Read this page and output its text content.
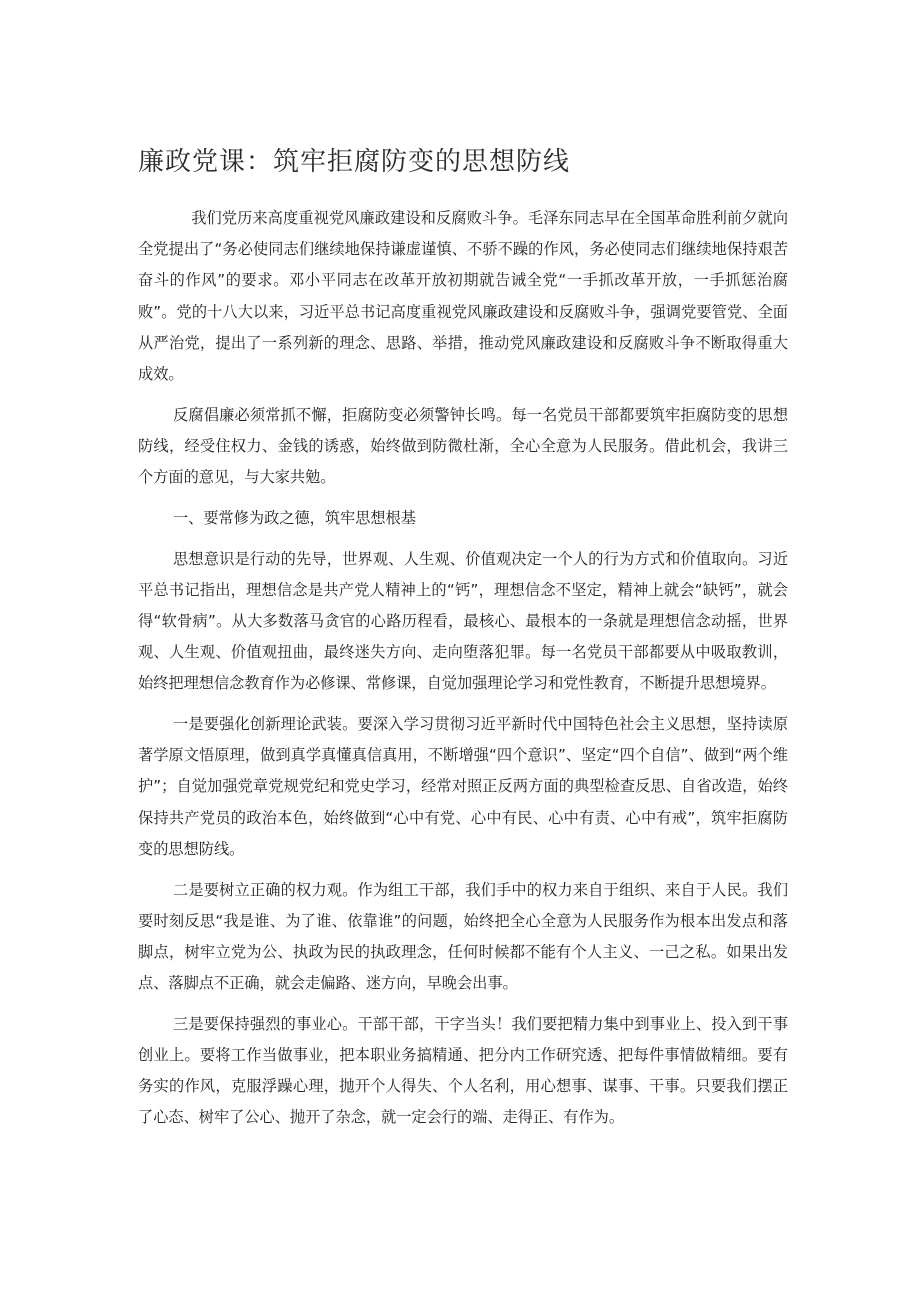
廉政党课：筑牢拒腐防变的思想防线

我们党历来高度重视党风廉政建设和反腐败斗争。毛泽东同志早在全国革命胜利前夕就向全党提出了“务必使同志们继续地保持谦虚谨慎、不骄不躁的作风，务必使同志们继续地保持艰苦奋斗的作风”的要求。邓小平同志在改革开放初期就告诫全党“一手抓改革开放，一手抓惩治腐败”。党的十八大以来，习近平总书记高度重视党风廉政建设和反腐败斗争，强调党要管党、全面从严治党，提出了一系列新的理念、思路、举措，推动党风廉政建设和反腐败斗争不断取得重大成效。

反腐倡廉必须常抓不懈，拒腐防变必须警钟长鸣。每一名党员干部都要筑牢拒腐防变的思想防线，经受住权力、金钱的诱惑，始终做到防微杜渐，全心全意为人民服务。借此机会，我讲三个方面的意见，与大家共勉。

一、要常修为政之德，筑牢思想根基

思想意识是行动的先导，世界观、人生观、价值观决定一个人的行为方式和价值取向。习近平总书记指出，理想信念是共产党人精神上的“钙”，理想信念不坚定，精神上就会“缺钙”，就会得“软骨病”。从大多数落马贪官的心路历程看，最核心、最根本的一条就是理想信念动摇，世界观、人生观、价值观扭曲，最终迷失方向、走向堕落犯罪。每一名党员干部都要从中吸取教训，始终把理想信念教育作为必修课、常修课，自觉加强理论学习和党性教育，不断提升思想境界。

一是要强化创新理论武装。要深入学习贯彻习近平新时代中国特色社会主义思想，坚持读原著学原文悟原理，做到真学真懂真信真用，不断增强“四个意识”、坚定“四个自信”、做到“两个维护”；自觉加强党章党规党纪和党史学习，经常对照正反两方面的典型检查反思、自省改造，始终保持共产党员的政治本色，始终做到“心中有党、心中有民、心中有责、心中有戒”，筑牢拒腐防变的思想防线。

二是要树立正确的权力观。作为组工干部，我们手中的权力来自于组织、来自于人民。我们要时刻反思“我是谁、为了谁、依靠谁”的问题，始终把全心全意为人民服务作为根本出发点和落脚点，树牢立党为公、执政为民的执政理念，任何时候都不能有个人主义、一己之私。如果出发点、落脚点不正确，就会走偏路、迷方向，早晚会出事。

三是要保持强烈的事业心。干部干部，干字当头！我们要把精力集中到事业上、投入到干事创业上。要将工作当做事业，把本职业务搞精通、把分内工作研究透、把每件事情做精细。要有务实的作风，克服浮躁心理，抛开个人得失、个人名利，用心想事、谋事、干事。只要我们摆正了心态、树牢了公心、抛开了杂念，就一定会行的端、走得正、有作为。
